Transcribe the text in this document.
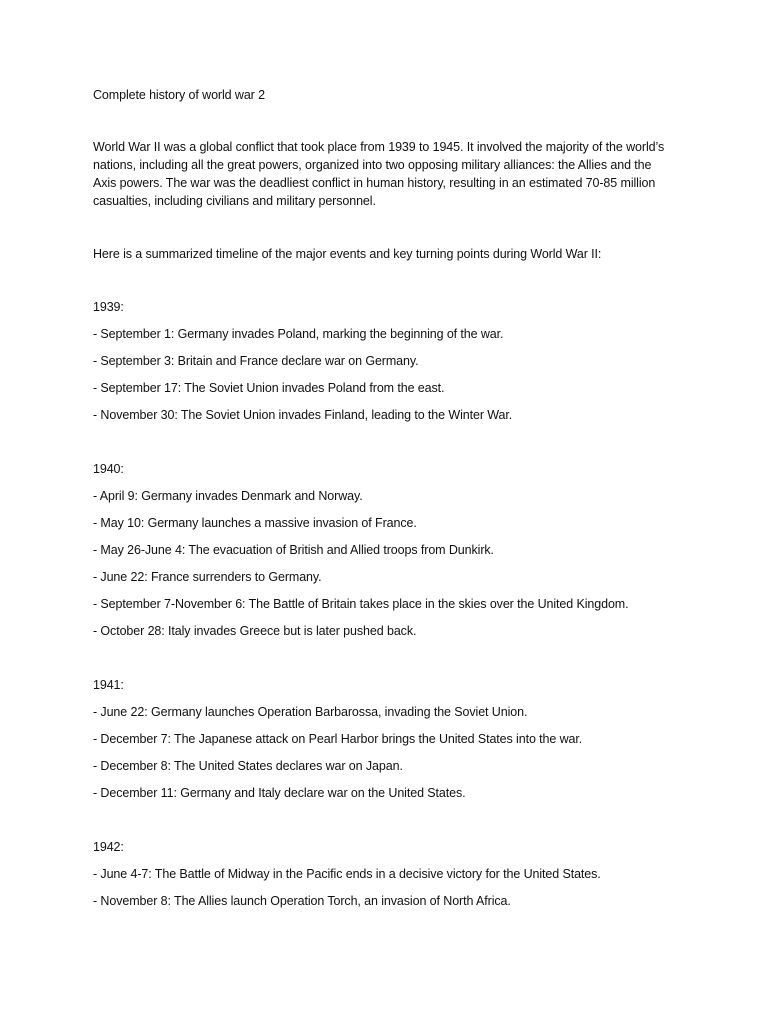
Complete history of world war 2

World War II was a global conflict that took place from 1939 to 1945. It involved the majority of the world’s nations, including all the great powers, organized into two opposing military alliances: the Allies and the Axis powers. The war was the deadliest conflict in human history, resulting in an estimated 70-85 million casualties, including civilians and military personnel.

Here is a summarized timeline of the major events and key turning points during World War II:

1939:

- September 1: Germany invades Poland, marking the beginning of the war.

- September 3: Britain and France declare war on Germany.

- September 17: The Soviet Union invades Poland from the east.

- November 30: The Soviet Union invades Finland, leading to the Winter War.

1940:

- April 9: Germany invades Denmark and Norway.

- May 10: Germany launches a massive invasion of France.

- May 26-June 4: The evacuation of British and Allied troops from Dunkirk.

- June 22: France surrenders to Germany.

- September 7-November 6: The Battle of Britain takes place in the skies over the United Kingdom.

- October 28: Italy invades Greece but is later pushed back.

1941:

- June 22: Germany launches Operation Barbarossa, invading the Soviet Union.

- December 7: The Japanese attack on Pearl Harbor brings the United States into the war.

- December 8: The United States declares war on Japan.

- December 11: Germany and Italy declare war on the United States.

1942:

- June 4-7: The Battle of Midway in the Pacific ends in a decisive victory for the United States.

- November 8: The Allies launch Operation Torch, an invasion of North Africa.
